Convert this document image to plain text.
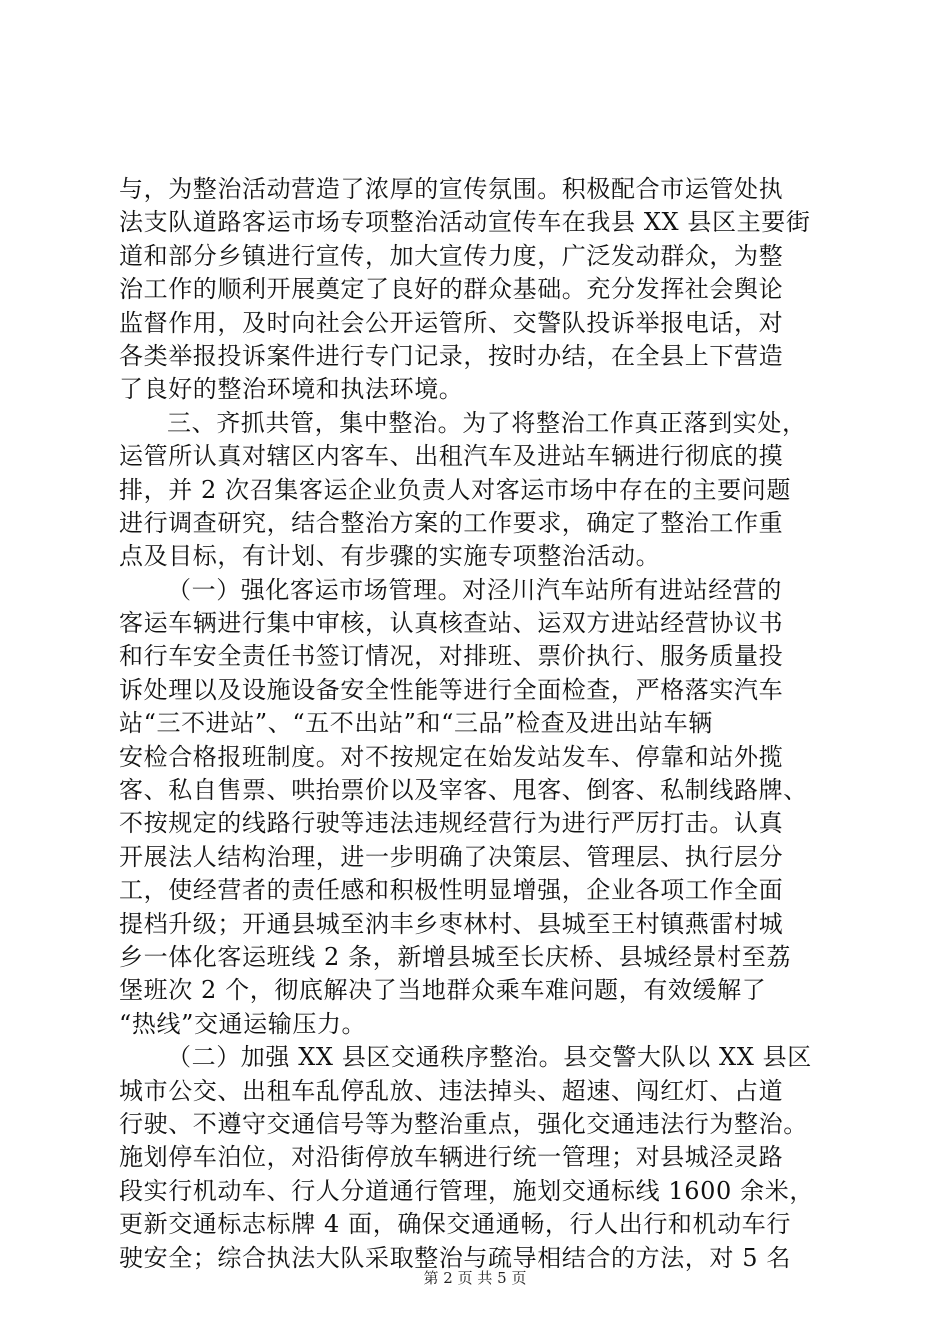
与，为整治活动营造了浓厚的宣传氛围。积极配合市运管处执
法支队道路客运市场专项整治活动宣传车在我县 XX 县区主要街
道和部分乡镇进行宣传，加大宣传力度，广泛发动群众，为整
治工作的顺利开展奠定了良好的群众基础。充分发挥社会舆论
监督作用，及时向社会公开运管所、交警队投诉举报电话，对
各类举报投诉案件进行专门记录，按时办结，在全县上下营造
了良好的整治环境和执法环境。
三、齐抓共管，集中整治。为了将整治工作真正落到实处，
运管所认真对辖区内客车、出租汽车及进站车辆进行彻底的摸
排，并 2 次召集客运企业负责人对客运市场中存在的主要问题
进行调查研究，结合整治方案的工作要求，确定了整治工作重
点及目标，有计划、有步骤的实施专项整治活动。
（一）强化客运市场管理。对泾川汽车站所有进站经营的
客运车辆进行集中审核，认真核查站、运双方进站经营协议书
和行车安全责任书签订情况，对排班、票价执行、服务质量投
诉处理以及设施设备安全性能等进行全面检查，严格落实汽车
站“三不进站”、“五不出站”和“三品”检查及进出站车辆
安检合格报班制度。对不按规定在始发站发车、停靠和站外揽
客、私自售票、哄抬票价以及宰客、甩客、倒客、私制线路牌、
不按规定的线路行驶等违法违规经营行为进行严厉打击。认真
开展法人结构治理，进一步明确了决策层、管理层、执行层分
工，使经营者的责任感和积极性明显增强，企业各项工作全面
提档升级；开通县城至汭丰乡枣林村、县城至王村镇燕雷村城
乡一体化客运班线 2 条，新增县城至长庆桥、县城经景村至荔
堡班次 2 个，彻底解决了当地群众乘车难问题，有效缓解了
“热线”交通运输压力。
（二）加强 XX 县区交通秩序整治。县交警大队以 XX 县区
城市公交、出租车乱停乱放、违法掉头、超速、闯红灯、占道
行驶、不遵守交通信号等为整治重点，强化交通违法行为整治。
施划停车泊位，对沿街停放车辆进行统一管理；对县城泾灵路
段实行机动车、行人分道通行管理，施划交通标线 1600 余米，
更新交通标志标牌 4 面，确保交通通畅，行人出行和机动车行
驶安全；综合执法大队采取整治与疏导相结合的方法，对 5 名
第 2 页 共 5 页
